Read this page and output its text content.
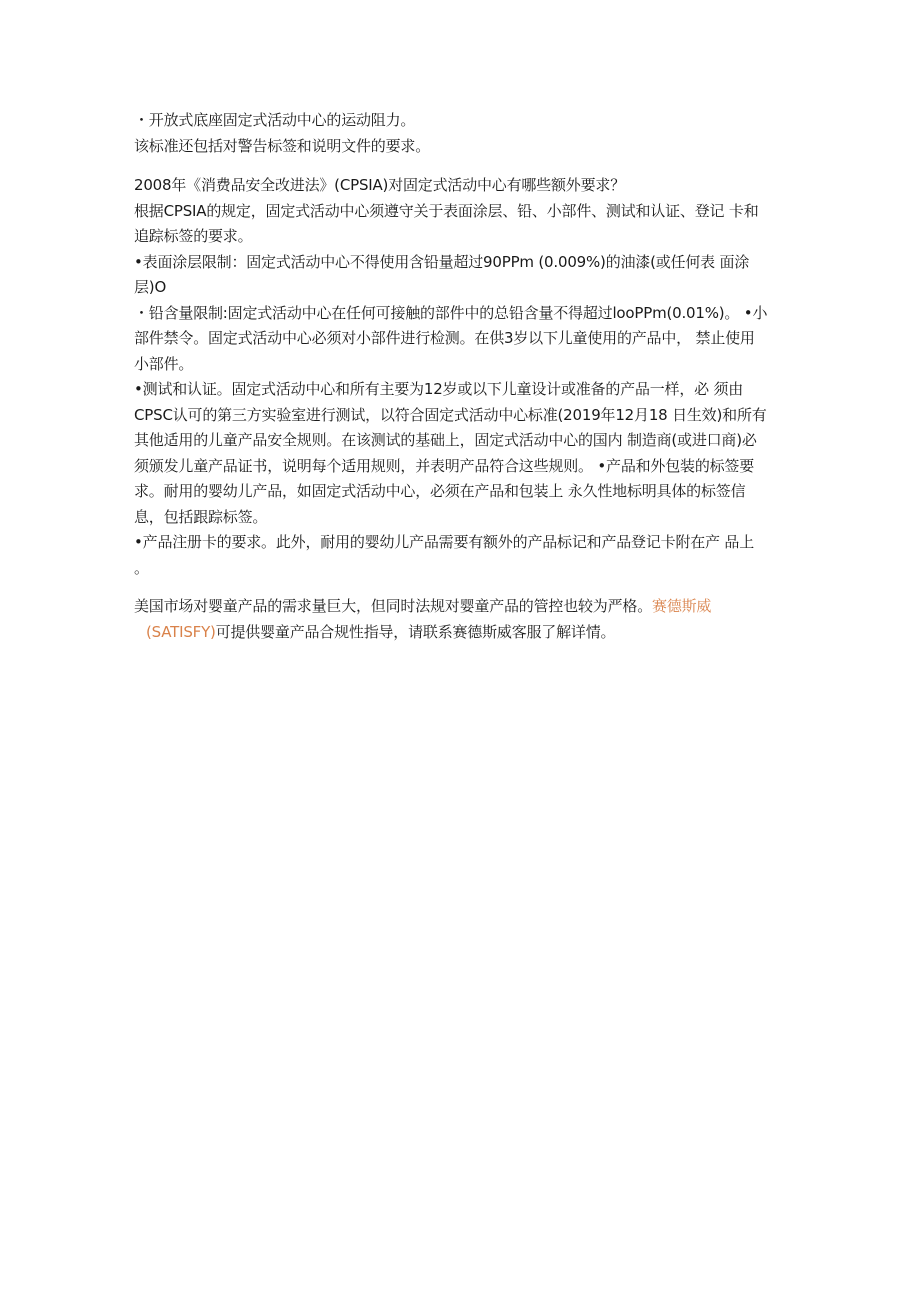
・开放式底座固定式活动中心的运动阻力。
该标准还包括对警告标签和说明文件的要求。
2008年《消费品安全改进法》(CPSIA)对固定式活动中心有哪些额外要求？
根据CPSIA的规定，固定式活动中心须遵守关于表面涂层、铅、小部件、测试和认证、登记 卡和
追踪标签的要求。
•表面涂层限制：固定式活动中心不得使用含铅量超过90PPm (0.009%)的油漆(或任何表 面涂
层)O
・铅含量限制:固定式活动中心在任何可接触的部件中的总铅含量不得超过looPPm(0.01%)。 •小
部件禁令。固定式活动中心必须对小部件进行检测。在供3岁以下儿童使用的产品中， 禁止使用
小部件。
•测试和认证。固定式活动中心和所有主要为12岁或以下儿童设计或准备的产品一样，必 须由
CPSC认可的第三方实验室进行测试，以符合固定式活动中心标准(2019年12月18 日生效)和所有
其他适用的儿童产品安全规则。在该测试的基础上，固定式活动中心的国内 制造商(或进口商)必
须颁发儿童产品证书，说明每个适用规则，并表明产品符合这些规则。 •产品和外包装的标签要
求。耐用的婴幼儿产品，如固定式活动中心，必须在产品和包装上 永久性地标明具体的标签信
息，包括跟踪标签。
•产品注册卡的要求。此外，耐用的婴幼儿产品需要有额外的产品标记和产品登记卡附在产 品上
。
美国市场对婴童产品的需求量巨大，但同时法规对婴童产品的管控也较为严格。赛德斯威
(SATISFY)可提供婴童产品合规性指导，请联系赛德斯威客服了解详情。
